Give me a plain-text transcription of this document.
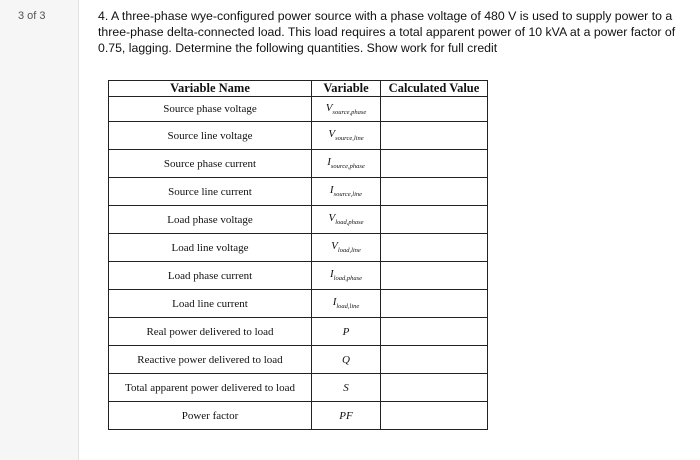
3 of 3	4. A three-phase wye-configured power source with a phase voltage of 480 V is used to supply power to a three-phase delta-connected load. This load requires a total apparent power of 10 kVA at a power factor of 0.75, lagging. Determine the following quantities. Show work for full credit
Variable Name	Variable	Calculated Value
Source phase voltage	$V_{source,phase}$	
Source line voltage	$V_{source,line}$	
Source phase current	$I_{source,phase}$	
Source line current	$I_{source,line}$	
Load phase voltage	$V_{load,phase}$	
Load line voltage	$V_{load,line}$	
Load phase current	$I_{load,phase}$	
Load line current	$I_{load,line}$	
Real power delivered to load	P	
Reactive power delivered to load	Q	
Total apparent power delivered to load	S	
Power factor	PF	
